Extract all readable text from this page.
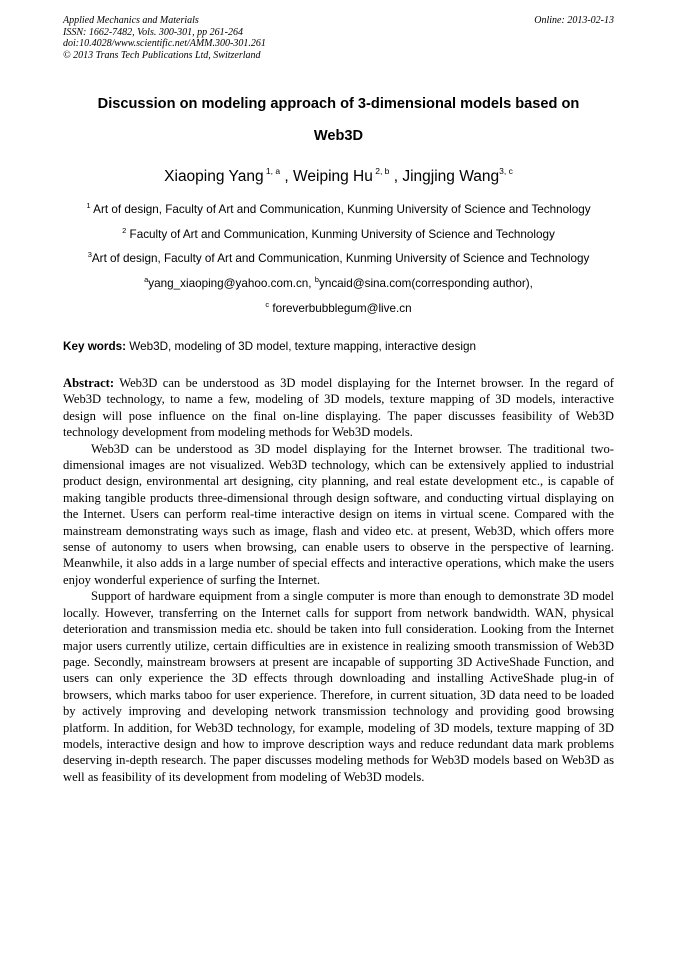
Applied Mechanics and Materials
ISSN: 1662-7482, Vols. 300-301, pp 261-264
doi:10.4028/www.scientific.net/AMM.300-301.261
© 2013 Trans Tech Publications Ltd, Switzerland
Online: 2013-02-13
Discussion on modeling approach of 3-dimensional models based on
Web3D
Xiaoping Yang $^{1, a}$ , Weiping Hu $^{2, b}$ , Jingjing Wang$^{3, c}$
$^1$ Art of design, Faculty of Art and Communication, Kunming University of Science and Technology
$^2$ Faculty of Art and Communication, Kunming University of Science and Technology
$^3$Art of design, Faculty of Art and Communication, Kunming University of Science and Technology
$^a$yang_xiaoping@yahoo.com.cn, $^b$yncaid@sina.com(corresponding author),
$^c$ foreverbubblegum@live.cn
Key words: Web3D, modeling of 3D model, texture mapping, interactive design

Abstract: Web3D can be understood as 3D model displaying for the Internet browser. In the regard of Web3D technology, to name a few, modeling of 3D models, texture mapping of 3D models, interactive design will pose influence on the final on-line displaying. The paper discusses feasibility of Web3D technology development from modeling methods for Web3D models.

Web3D can be understood as 3D model displaying for the Internet browser. The traditional two-dimensional images are not visualized. Web3D technology, which can be extensively applied to industrial product design, environmental art designing, city planning, and real estate development etc., is capable of making tangible products three-dimensional through design software, and conducting virtual displaying on the Internet. Users can perform real-time interactive design on items in virtual scene. Compared with the mainstream demonstrating ways such as image, flash and video etc. at present, Web3D, which offers more sense of autonomy to users when browsing, can enable users to observe in the perspective of learning. Meanwhile, it also adds in a large number of special effects and interactive operations, which make the users enjoy wonderful experience of surfing the Internet.

Support of hardware equipment from a single computer is more than enough to demonstrate 3D model locally. However, transferring on the Internet calls for support from network bandwidth. WAN, physical deterioration and transmission media etc. should be taken into full consideration. Looking from the Internet major users currently utilize, certain difficulties are in existence in realizing smooth transmission of Web3D page. Secondly, mainstream browsers at present are incapable of supporting 3D ActiveShade Function, and users can only experience the 3D effects through downloading and installing ActiveShade plug-in of browsers, which marks taboo for user experience. Therefore, in current situation, 3D data need to be loaded by actively improving and developing network transmission technology and providing good browsing platform. In addition, for Web3D technology, for example, modeling of 3D models, texture mapping of 3D models, interactive design and how to improve description ways and reduce redundant data mark problems deserving in-depth research. The paper discusses modeling methods for Web3D models based on Web3D as well as feasibility of its development from modeling of Web3D models.
